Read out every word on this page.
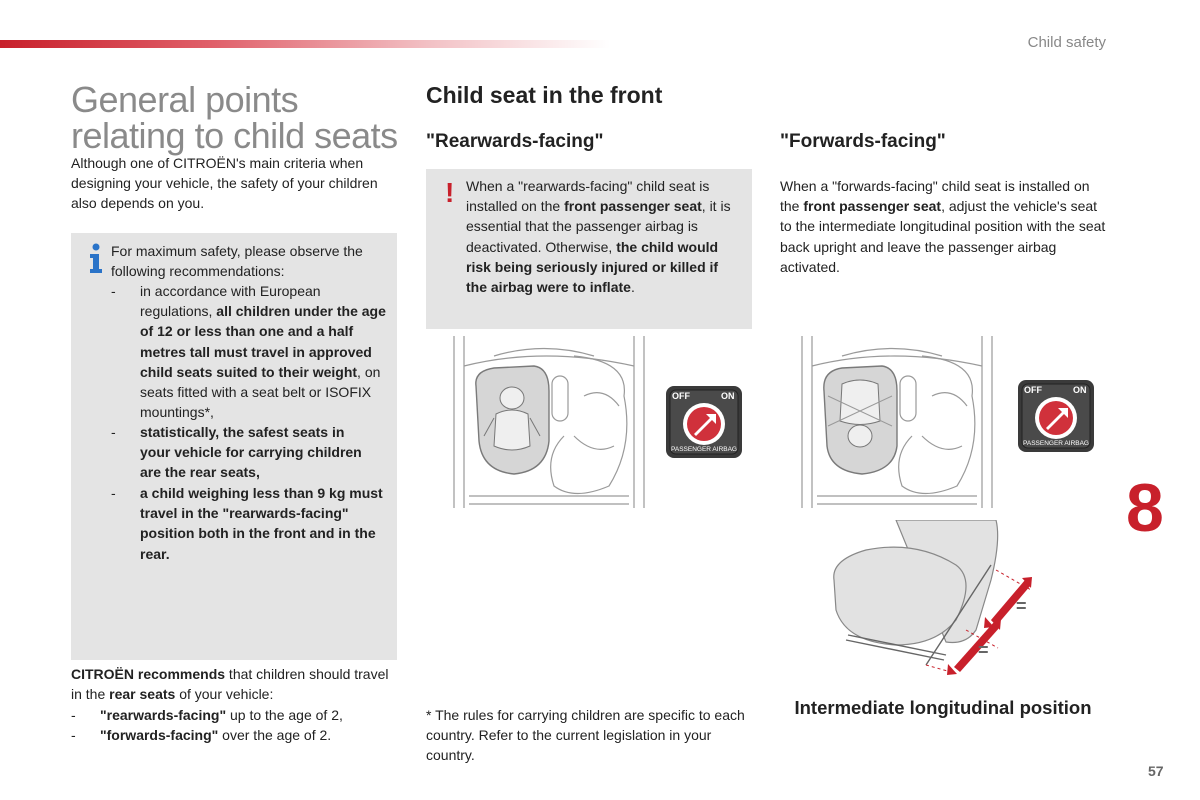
Child safety
8
57
General points
relating to child seats
Although one of CITROËN's main criteria when designing your vehicle, the safety of your children also depends on you.
For maximum safety, please observe the following recommendations:
-	in accordance with European regulations, all children under the age of 12 or less than one and a half metres tall must travel in approved child seats suited to their weight, on seats fitted with a seat belt or ISOFIX mountings*,
-	statistically, the safest seats in your vehicle for carrying children are the rear seats,
-	a child weighing less than 9 kg must travel in the "rearwards-facing" position both in the front and in the rear.
CITROËN recommends that children should travel in the rear seats of your vehicle:
-	"rearwards-facing" up to the age of 2,
-	"forwards-facing" over the age of 2.
Child seat in the front
"Rearwards-facing"
! When a "rearwards-facing" child seat is installed on the front passenger seat, it is essential that the passenger airbag is deactivated. Otherwise, the child would risk being seriously injured or killed if the airbag were to inflate.
OFF	ON
PASSENGER AIRBAG
* The rules for carrying children are specific to each country. Refer to the current legislation in your country.
"Forwards-facing"
When a "forwards-facing" child seat is installed on the front passenger seat, adjust the vehicle's seat to the intermediate longitudinal position with the seat back upright and leave the passenger airbag activated.
OFF	ON
PASSENGER AIRBAG
=
=
Intermediate longitudinal position
